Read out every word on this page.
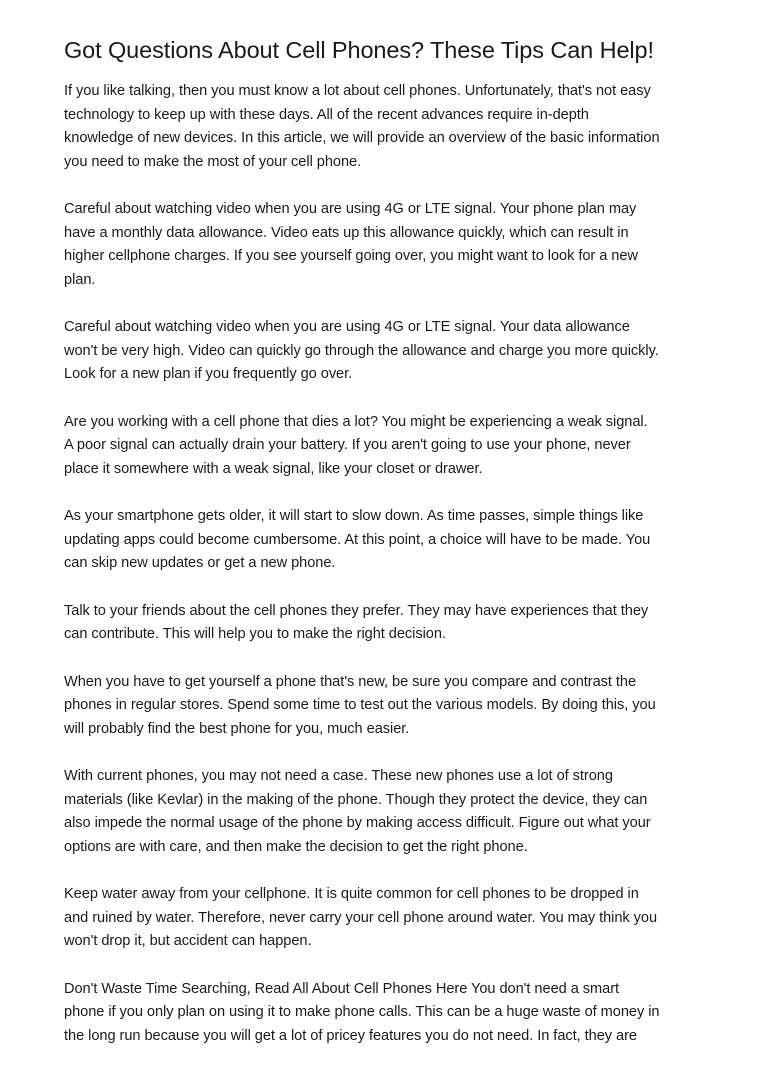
Got Questions About Cell Phones? These Tips Can Help!

If you like talking, then you must know a lot about cell phones. Unfortunately, that's not easy
technology to keep up with these days. All of the recent advances require in-depth
knowledge of new devices. In this article, we will provide an overview of the basic information
you need to make the most of your cell phone.

Careful about watching video when you are using 4G or LTE signal. Your phone plan may
have a monthly data allowance. Video eats up this allowance quickly, which can result in
higher cellphone charges. If you see yourself going over, you might want to look for a new
plan.

Careful about watching video when you are using 4G or LTE signal. Your data allowance
won't be very high. Video can quickly go through the allowance and charge you more quickly.
Look for a new plan if you frequently go over.

Are you working with a cell phone that dies a lot? You might be experiencing a weak signal.
A poor signal can actually drain your battery. If you aren't going to use your phone, never
place it somewhere with a weak signal, like your closet or drawer.

As your smartphone gets older, it will start to slow down. As time passes, simple things like
updating apps could become cumbersome. At this point, a choice will have to be made. You
can skip new updates or get a new phone.

Talk to your friends about the cell phones they prefer. They may have experiences that they
can contribute. This will help you to make the right decision.

When you have to get yourself a phone that's new, be sure you compare and contrast the
phones in regular stores. Spend some time to test out the various models. By doing this, you
will probably find the best phone for you, much easier.

With current phones, you may not need a case. These new phones use a lot of strong
materials (like Kevlar) in the making of the phone. Though they protect the device, they can
also impede the normal usage of the phone by making access difficult. Figure out what your
options are with care, and then make the decision to get the right phone.

Keep water away from your cellphone. It is quite common for cell phones to be dropped in
and ruined by water. Therefore, never carry your cell phone around water. You may think you
won't drop it, but accident can happen.

Don't Waste Time Searching, Read All About Cell Phones Here You don't need a smart
phone if you only plan on using it to make phone calls. This can be a huge waste of money in
the long run because you will get a lot of pricey features you do not need. In fact, they are
